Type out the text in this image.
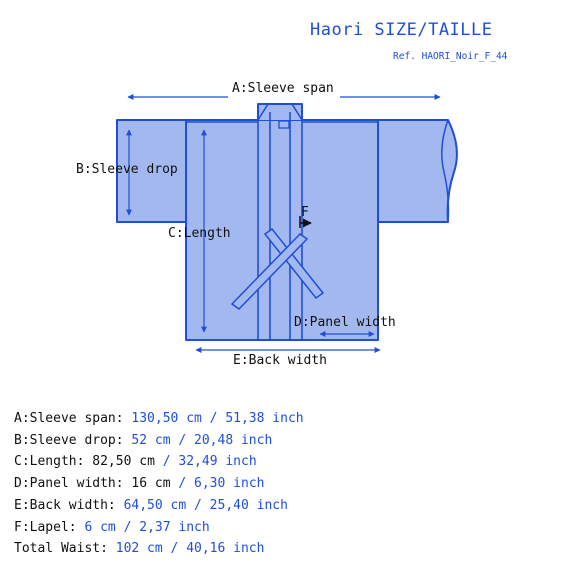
Haori SIZE/TAILLE
Ref. HAORI_Noir_F_44
A:Sleeve span
B:Sleeve drop
C:Length
D:Panel width
E:Back width
F
A:Sleeve span: 130,50 cm / 51,38 inch
B:Sleeve drop: 52 cm / 20,48 inch
C:Length: 82,50 cm / 32,49 inch
D:Panel width: 16 cm / 6,30 inch
E:Back width: 64,50 cm / 25,40 inch
F:Lapel: 6 cm / 2,37 inch
Total Waist: 102 cm / 40,16 inch
